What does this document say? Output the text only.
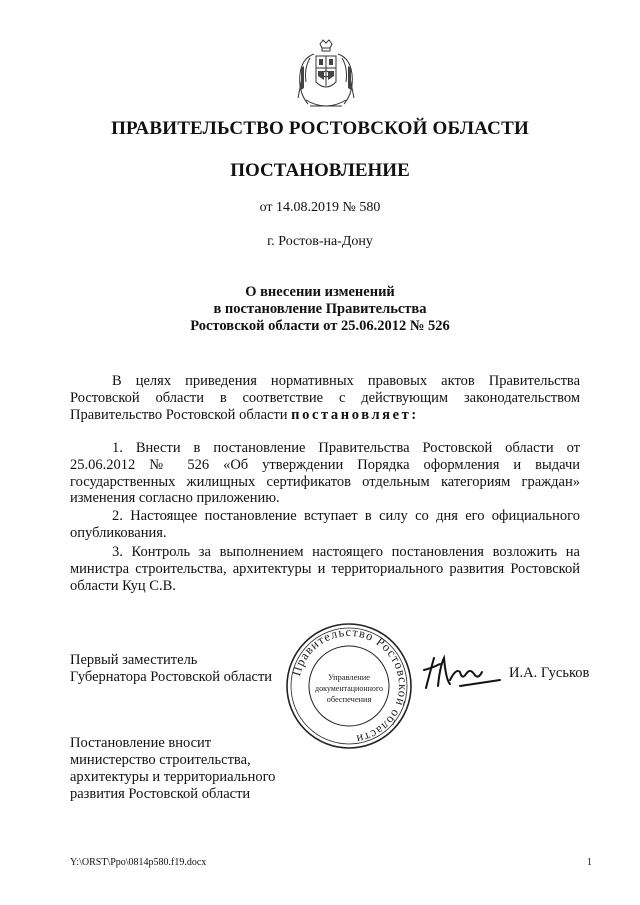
ПРАВИТЕЛЬСТВО РОСТОВСКОЙ ОБЛАСТИ
ПОСТАНОВЛЕНИЕ
от 14.08.2019 № 580
г. Ростов-на-Дону
О внесении изменений
в постановление Правительства
Ростовской области от 25.06.2012 № 526
В целях приведения нормативных правовых актов Правительства Ростовской области в соответствие с действующим законодательством Правительство Ростовской области постановляет:
1. Внести в постановление Правительства Ростовской области от 25.06.2012 № 526 «Об утверждении Порядка оформления и выдачи государственных жилищных сертификатов отдельным категориям граждан» изменения согласно приложению.
2. Настоящее постановление вступает в силу со дня его официального опубликования.
3. Контроль за выполнением настоящего постановления возложить на министра строительства, архитектуры и территориального развития Ростовской области Куц С.В.
Первый заместитель
Губернатора Ростовской области Правительство Ростовской области
Управление
документационного
обеспечения
И.А. Гуськов
Постановление вносит
министерство строительства,
архитектуры и территориального
развития Ростовской области
Y:\ORST\Ppo\0814p580.f19.docx	1
